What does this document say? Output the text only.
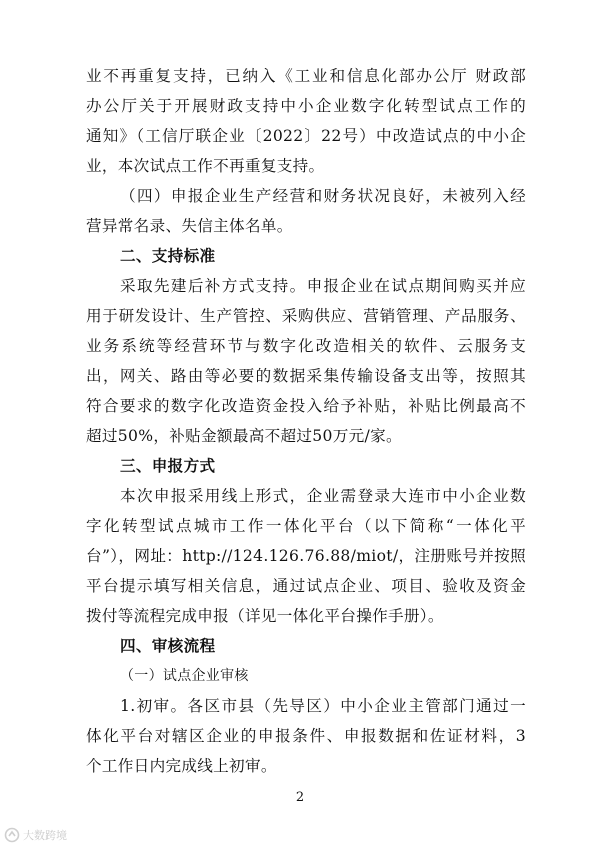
业不再重复支持，已纳入《工业和信息化部办公厅 财政部
办公厅关于开展财政支持中小企业数字化转型试点工作的
通知》（工信厅联企业〔2022〕22号）中改造试点的中小企
业，本次试点工作不再重复支持。
（四）申报企业生产经营和财务状况良好，未被列入经
营异常名录、失信主体名单。
二、支持标准
采取先建后补方式支持。申报企业在试点期间购买并应
用于研发设计、生产管控、采购供应、营销管理、产品服务、
业务系统等经营环节与数字化改造相关的软件、云服务支
出，网关、路由等必要的数据采集传输设备支出等，按照其
符合要求的数字化改造资金投入给予补贴，补贴比例最高不
超过50%，补贴金额最高不超过50万元/家。
三、申报方式
本次申报采用线上形式，企业需登录大连市中小企业数
字化转型试点城市工作一体化平台（以下简称“一体化平
台”），网址：http://124.126.76.88/miot/，注册账号并按照
平台提示填写相关信息，通过试点企业、项目、验收及资金
拨付等流程完成申报（详见一体化平台操作手册）。
四、审核流程
（一）试点企业审核
1.初审。各区市县（先导区）中小企业主管部门通过一
体化平台对辖区企业的申报条件、申报数据和佐证材料，3
个工作日内完成线上初审。
2
大数跨境
